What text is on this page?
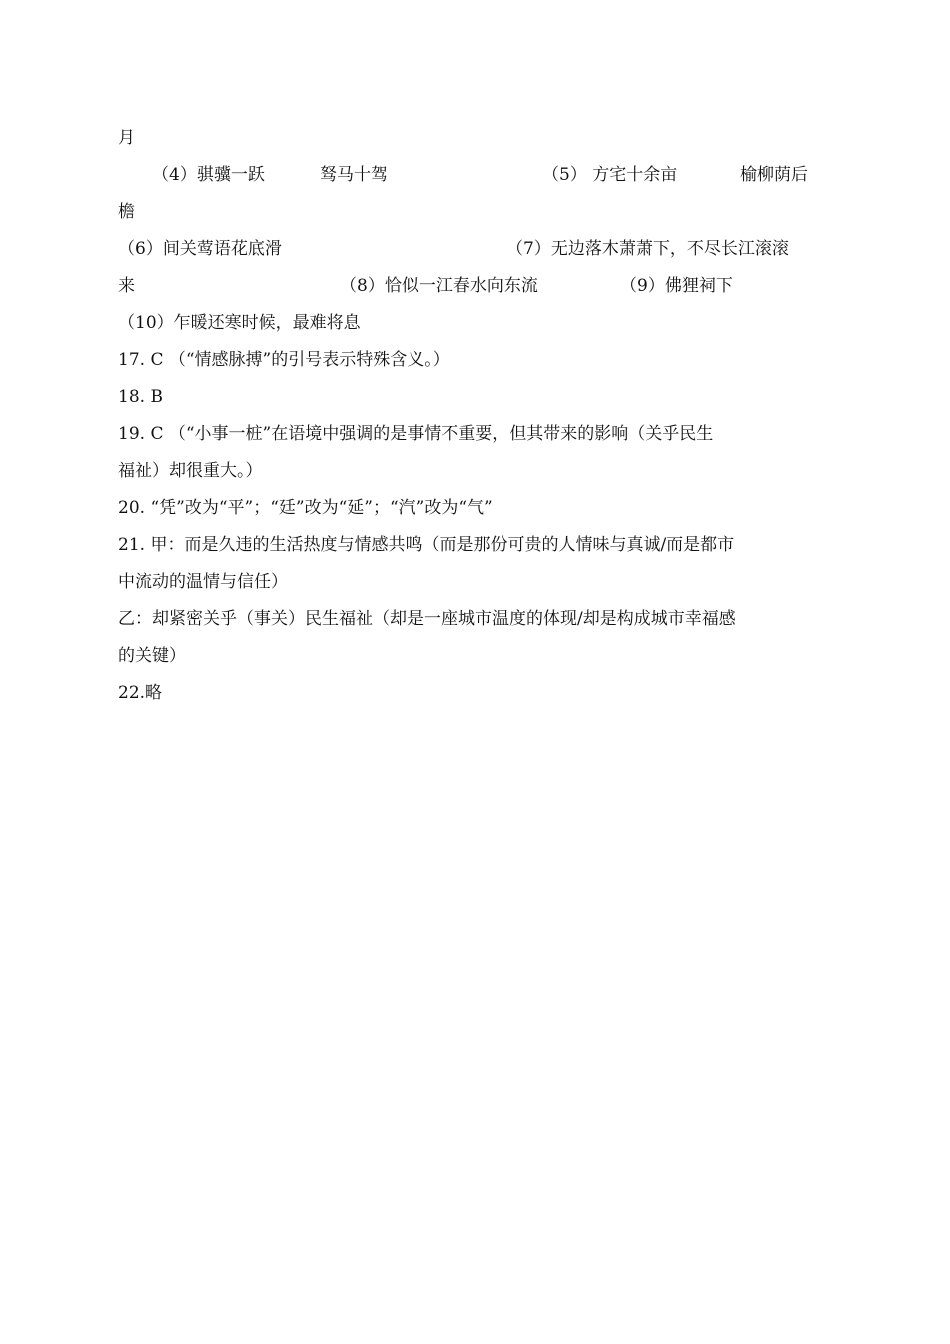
月
（4）骐骥一跃	驽马十驾	（5） 方宅十余亩	榆柳荫后
檐
（6）间关莺语花底滑	（7）无边落木萧萧下，不尽长江滚滚
来	（8）恰似一江春水向东流	（9）佛狸祠下
（10）乍暖还寒时候，最难将息
17. C （“情感脉搏”的引号表示特殊含义。）
18. B
19. C （“小事一桩”在语境中强调的是事情不重要，但其带来的影响（关乎民生
福祉）却很重大。）
20. “凭”改为“平”；“廷”改为“延”；“汽”改为“气”
21. 甲：而是久违的生活热度与情感共鸣（而是那份可贵的人情味与真诚/而是都市
中流动的温情与信任）
乙：却紧密关乎（事关）民生福祉（却是一座城市温度的体现/却是构成城市幸福感
的关键）
22.略
